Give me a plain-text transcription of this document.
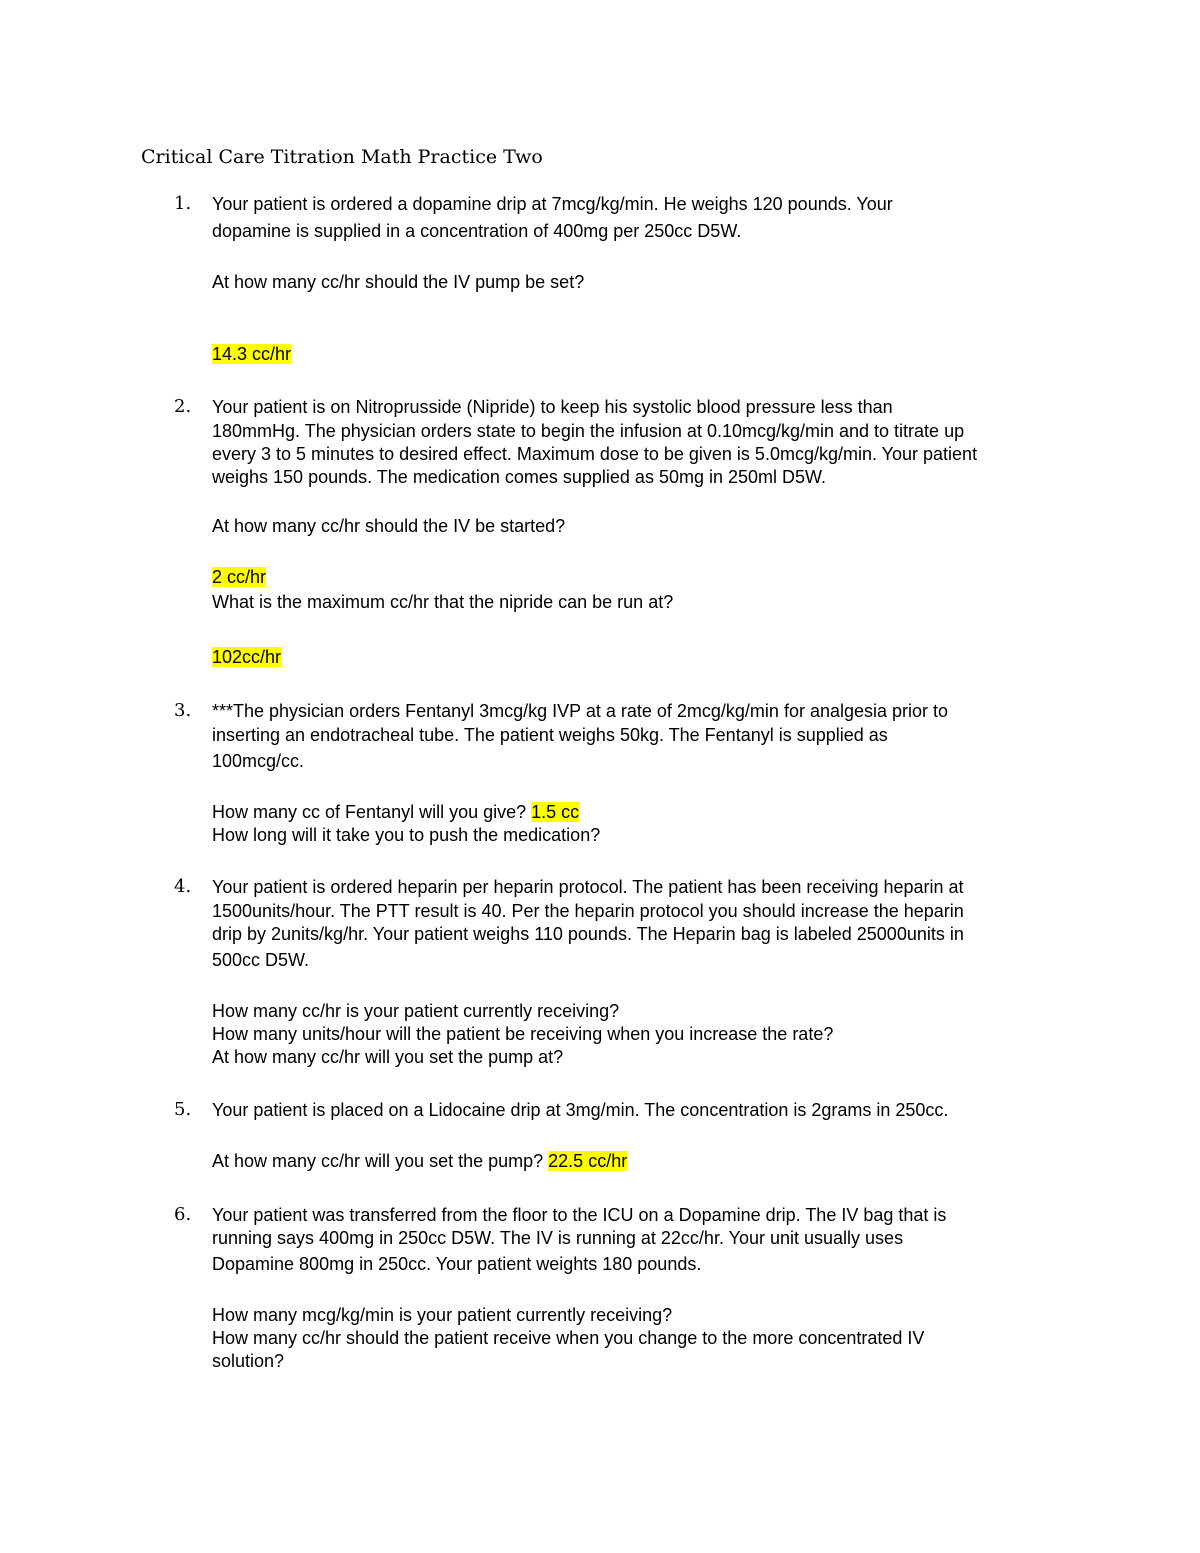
Critical Care Titration Math Practice Two
1. Your patient is ordered a dopamine drip at 7mcg/kg/min. He weighs 120 pounds. Your
dopamine is supplied in a concentration of 400mg per 250cc D5W.
At how many cc/hr should the IV pump be set?
14.3 cc/hr
2. Your patient is on Nitroprusside (Nipride) to keep his systolic blood pressure less than
180mmHg. The physician orders state to begin the infusion at 0.10mcg/kg/min and to titrate up
every 3 to 5 minutes to desired effect. Maximum dose to be given is 5.0mcg/kg/min. Your patient
weighs 150 pounds. The medication comes supplied as 50mg in 250ml D5W.
At how many cc/hr should the IV be started?
2 cc/hr
What is the maximum cc/hr that the nipride can be run at?
102cc/hr
3. ***The physician orders Fentanyl 3mcg/kg IVP at a rate of 2mcg/kg/min for analgesia prior to
inserting an endotracheal tube. The patient weighs 50kg. The Fentanyl is supplied as
100mcg/cc.
How many cc of Fentanyl will you give? 1.5 cc
How long will it take you to push the medication?
4. Your patient is ordered heparin per heparin protocol. The patient has been receiving heparin at
1500units/hour. The PTT result is 40. Per the heparin protocol you should increase the heparin
drip by 2units/kg/hr. Your patient weighs 110 pounds. The Heparin bag is labeled 25000units in
500cc D5W.
How many cc/hr is your patient currently receiving?
How many units/hour will the patient be receiving when you increase the rate?
At how many cc/hr will you set the pump at?
5. Your patient is placed on a Lidocaine drip at 3mg/min. The concentration is 2grams in 250cc.
At how many cc/hr will you set the pump? 22.5 cc/hr
6. Your patient was transferred from the floor to the ICU on a Dopamine drip. The IV bag that is
running says 400mg in 250cc D5W. The IV is running at 22cc/hr. Your unit usually uses
Dopamine 800mg in 250cc. Your patient weights 180 pounds.
How many mcg/kg/min is your patient currently receiving?
How many cc/hr should the patient receive when you change to the more concentrated IV
solution?
